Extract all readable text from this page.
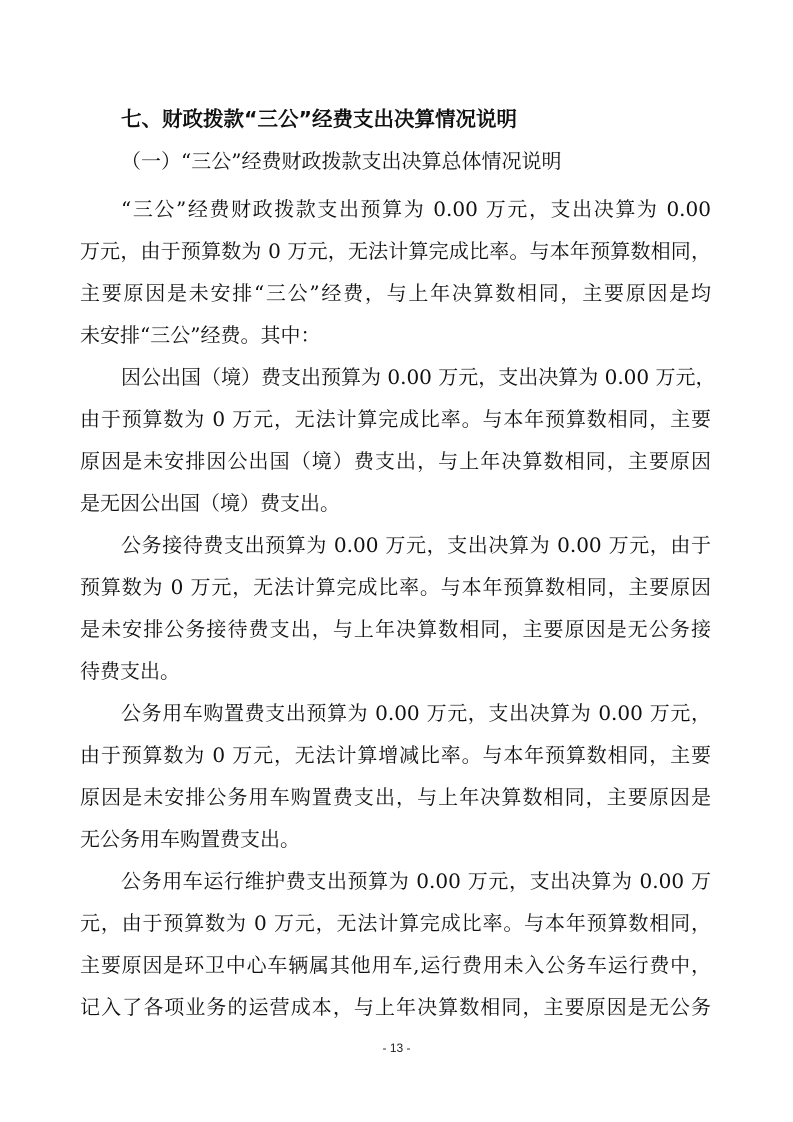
七、财政拨款“三公”经费支出决算情况说明
（一）“三公”经费财政拨款支出决算总体情况说明
“三公”经费财政拨款支出预算为 0.00 万元，支出决算为 0.00
万元，由于预算数为 0 万元，无法计算完成比率。与本年预算数相同，
主要原因是未安排“三公”经费，与上年决算数相同，主要原因是均
未安排“三公”经费。其中：
因公出国（境）费支出预算为 0.00 万元，支出决算为 0.00 万元，
由于预算数为 0 万元，无法计算完成比率。与本年预算数相同，主要
原因是未安排因公出国（境）费支出，与上年决算数相同，主要原因
是无因公出国（境）费支出。
公务接待费支出预算为 0.00 万元，支出决算为 0.00 万元，由于
预算数为 0 万元，无法计算完成比率。与本年预算数相同，主要原因
是未安排公务接待费支出，与上年决算数相同，主要原因是无公务接
待费支出。
公务用车购置费支出预算为 0.00 万元，支出决算为 0.00 万元，
由于预算数为 0 万元，无法计算增减比率。与本年预算数相同，主要
原因是未安排公务用车购置费支出，与上年决算数相同，主要原因是
无公务用车购置费支出。
公务用车运行维护费支出预算为 0.00 万元，支出决算为 0.00 万
元，由于预算数为 0 万元，无法计算完成比率。与本年预算数相同，
主要原因是环卫中心车辆属其他用车,运行费用未入公务车运行费中，
记入了各项业务的运营成本，与上年决算数相同，主要原因是无公务
- 13 -
